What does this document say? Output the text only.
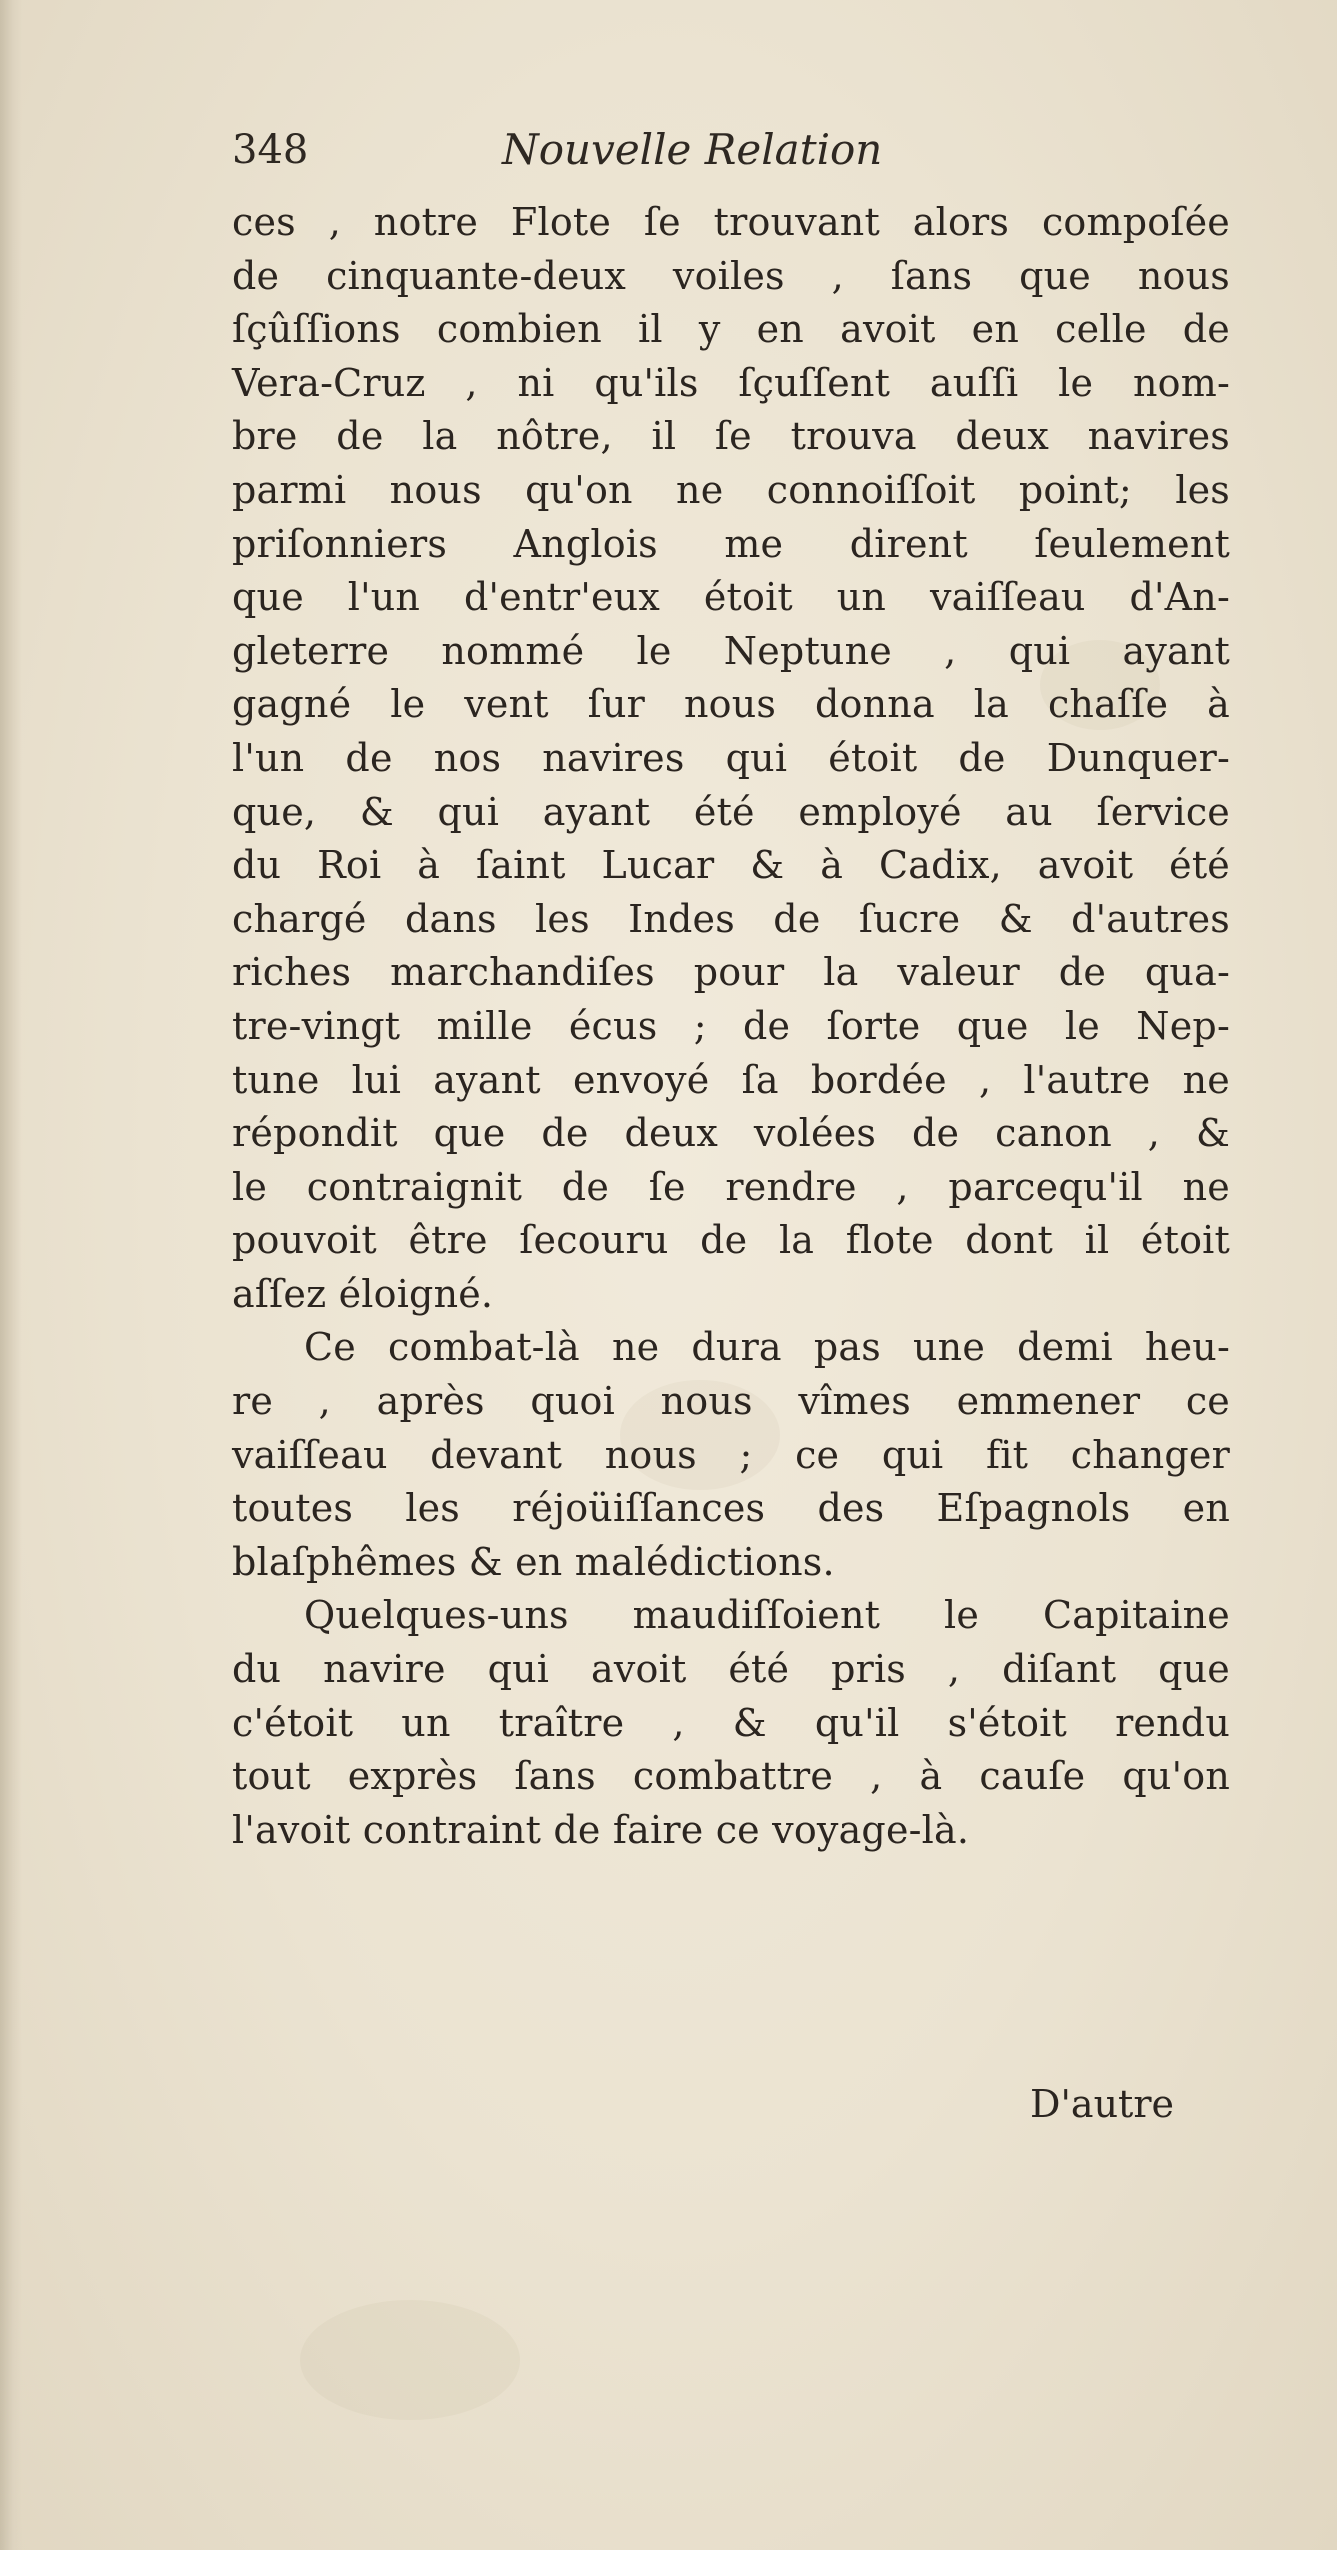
348	Nouvelle Relation
ces , notre Flote ſe trouvant alors compoſée
de cinquante-deux voiles , ſans que nous
ſçûſſions combien il y en avoit en celle de
Vera-Cruz , ni qu'ils ſçuſſent auſſi le nom-
bre de la nôtre, il ſe trouva deux navires
parmi nous qu'on ne connoiſſoit point; les
priſonniers Anglois me dirent ſeulement
que l'un d'entr'eux étoit un vaiſſeau d'An-
gleterre nommé le Neptune , qui ayant
gagné le vent ſur nous donna la chaſſe à
l'un de nos navires qui étoit de Dunquer-
que, & qui ayant été employé au ſervice
du Roi à ſaint Lucar & à Cadix, avoit été
chargé dans les Indes de ſucre & d'autres
riches marchandiſes pour la valeur de qua-
tre-vingt mille écus ; de ſorte que le Nep-
tune lui ayant envoyé ſa bordée , l'autre ne
répondit que de deux volées de canon , &
le contraignit de ſe rendre , parcequ'il ne
pouvoit être ſecouru de la flote dont il étoit
aſſez éloigné.
Ce combat-là ne dura pas une demi heu-
re , après quoi nous vîmes emmener ce
vaiſſeau devant nous ; ce qui fit changer
toutes les réjoüiſſances des Eſpagnols en
blaſphêmes & en malédictions.
Quelques-uns maudiſſoient le Capitaine
du navire qui avoit été pris , diſant que
c'étoit un traître , & qu'il s'étoit rendu
tout exprès ſans combattre , à cauſe qu'on
l'avoit contraint de faire ce voyage-là.
D'autre
